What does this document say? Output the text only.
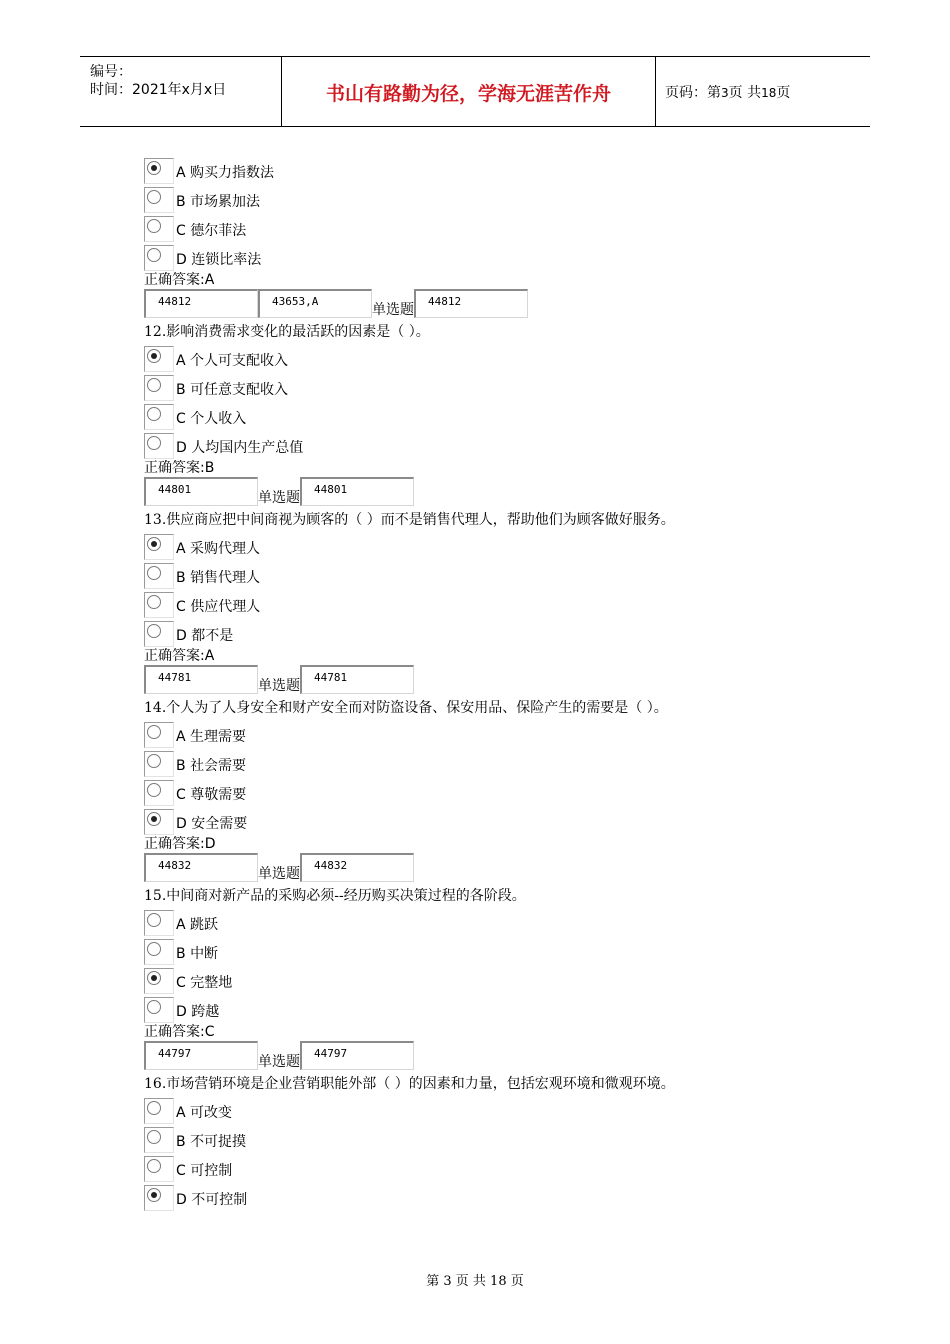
编号：
时间：2021年x月x日	书山有路勤为径，学海无涯苦作舟	页码：第3页 共18页
A 购买力指数法
B 市场累加法
C 德尔菲法
D 连锁比率法
正确答案:A
44812	43653,A
单选题
44812
12.影响消费需求变化的最活跃的因素是（ ）。
A 个人可支配收入
B 可任意支配收入
C 个人收入
D 人均国内生产总值
正确答案:B
44801
单选题
44801
13.供应商应把中间商视为顾客的（ ）而不是销售代理人，帮助他们为顾客做好服务。
A 采购代理人
B 销售代理人
C 供应代理人
D 都不是
正确答案:A
44781
单选题
44781
14.个人为了人身安全和财产安全而对防盗设备、保安用品、保险产生的需要是（ ）。
A 生理需要
B 社会需要
C 尊敬需要
D 安全需要
正确答案:D
44832
单选题
44832
15.中间商对新产品的采购必须--经历购买决策过程的各阶段。
A 跳跃
B 中断
C 完整地
D 跨越
正确答案:C
44797
单选题
44797
16.市场营销环境是企业营销职能外部（ ）的因素和力量，包括宏观环境和微观环境。
A 可改变
B 不可捉摸
C 可控制
D 不可控制
第 3 页 共 18 页
